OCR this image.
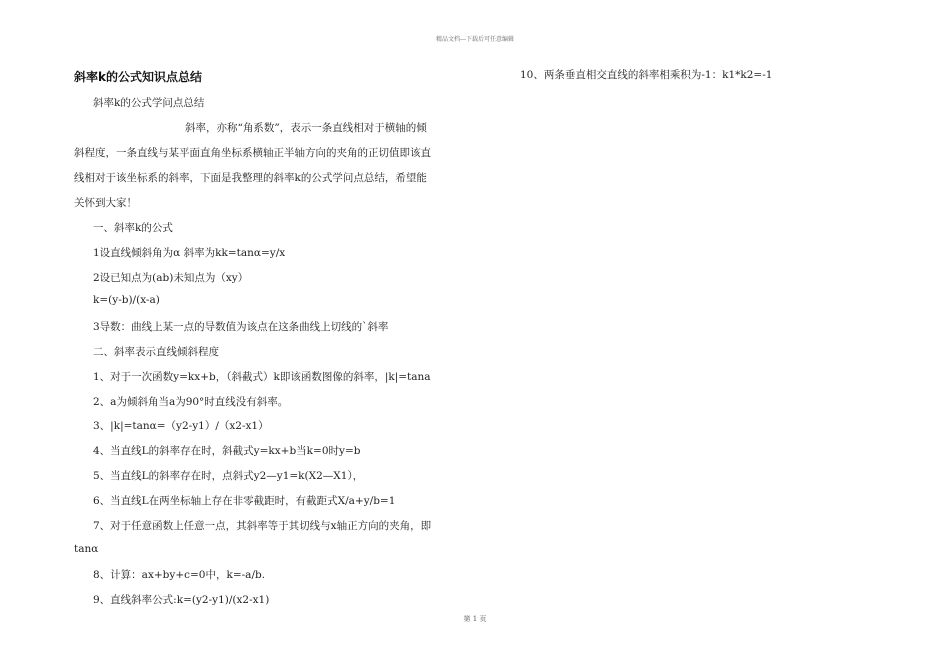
精品文档---下载后可任意编辑
斜率k的公式知识点总结
斜率k的公式学问点总结
斜率，亦称“角系数”，表示一条直线相对于横轴的倾
斜程度，一条直线与某平面直角坐标系横轴正半轴方向的夹角的正切值即该直
线相对于该坐标系的斜率，下面是我整理的斜率k的公式学问点总结，希望能
关怀到大家！
一、斜率k的公式
1设直线倾斜角为α 斜率为kk=tanα=y/x
2设已知点为(ab)未知点为（xy）
k=(y-b)/(x-a)
3导数：曲线上某一点的导数值为该点在这条曲线上切线的`斜率
二、斜率表示直线倾斜程度
1、对于一次函数y=kx+b，（斜截式）k即该函数图像的斜率，|k|=tana
2、a为倾斜角当a为90°时直线没有斜率。
3、|k|=tanα=（y2-y1）/（x2-x1）
4、当直线L的斜率存在时，斜截式y=kx+b当k=0时y=b
5、当直线L的斜率存在时，点斜式y2—y1=k(X2—X1），
6、当直线L在两坐标轴上存在非零截距时，有截距式X/a+y/b=1
7、对于任意函数上任意一点，其斜率等于其切线与x轴正方向的夹角，即
tanα
8、计算：ax+by+c=0中，k=-a/b.
9、直线斜率公式:k=(y2-y1)/(x2-x1)
10、两条垂直相交直线的斜率相乘积为-1：k1*k2=-1
第 1 页
